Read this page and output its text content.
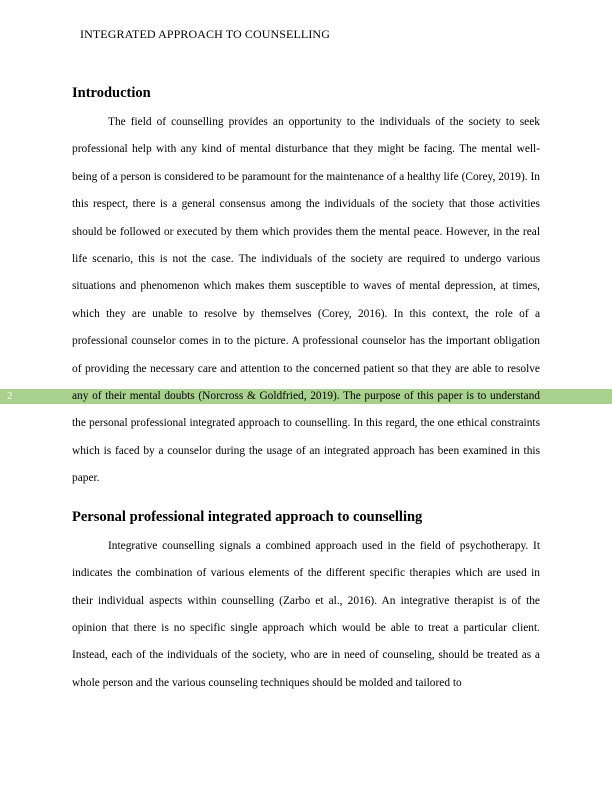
INTEGRATED APPROACH TO COUNSELLING
2
Introduction

The field of counselling provides an opportunity to the individuals of the society to seek professional help with any kind of mental disturbance that they might be facing. The mental well-being of a person is considered to be paramount for the maintenance of a healthy life (Corey, 2019). In this respect, there is a general consensus among the individuals of the society that those activities should be followed or executed by them which provides them the mental peace. However, in the real life scenario, this is not the case. The individuals of the society are required to undergo various situations and phenomenon which makes them susceptible to waves of mental depression, at times, which they are unable to resolve by themselves (Corey, 2016). In this context, the role of a professional counselor comes in to the picture. A professional counselor has the important obligation of providing the necessary care and attention to the concerned patient so that they are able to resolve any of their mental doubts (Norcross & Goldfried, 2019). The purpose of this paper is to understand the personal professional integrated approach to counselling. In this regard, the one ethical constraints which is faced by a counselor during the usage of an integrated approach has been examined in this paper.

Personal professional integrated approach to counselling

Integrative counselling signals a combined approach used in the field of psychotherapy. It indicates the combination of various elements of the different specific therapies which are used in their individual aspects within counselling (Zarbo et al., 2016). An integrative therapist is of the opinion that there is no specific single approach which would be able to treat a particular client. Instead, each of the individuals of the society, who are in need of counseling, should be treated as a whole person and the various counseling techniques should be molded and tailored to
